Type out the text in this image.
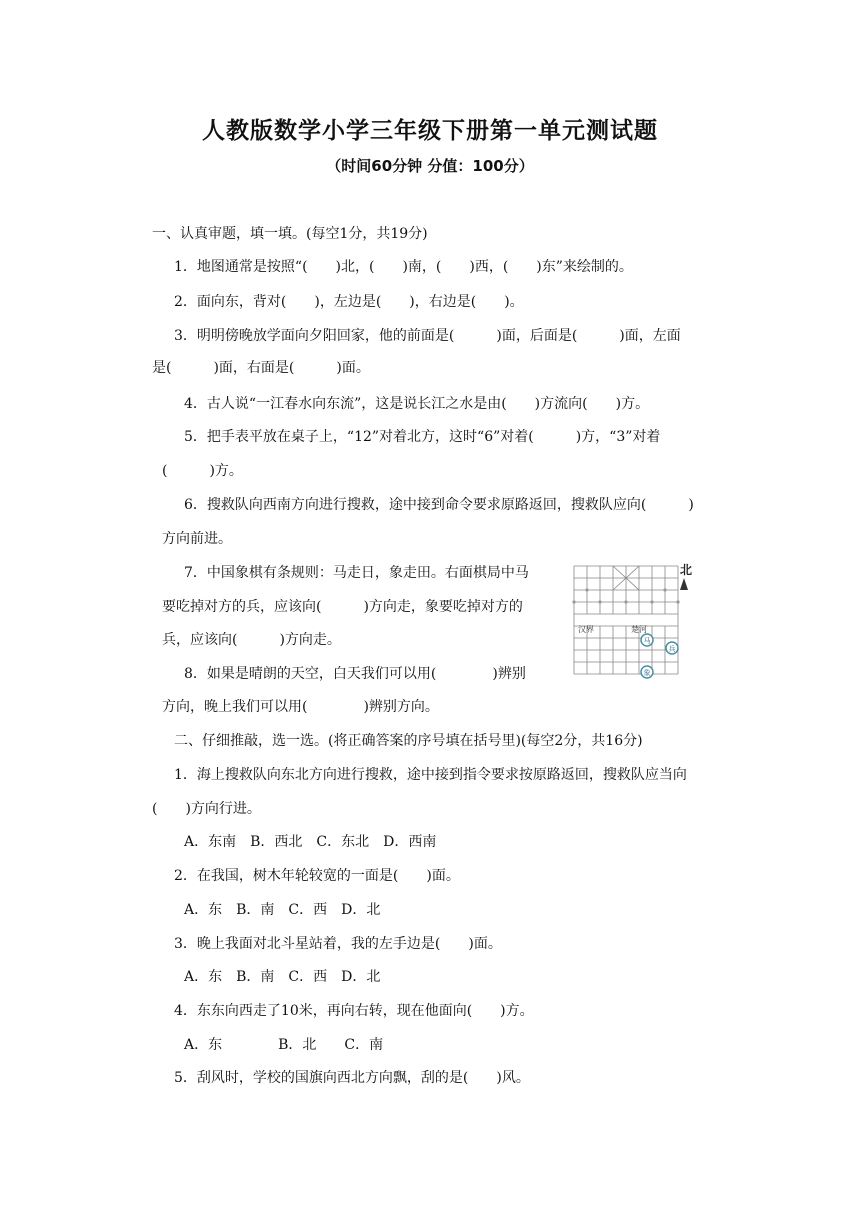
人教版数学小学三年级下册第一单元测试题
（时间60分钟 分值：100分）
一、认真审题，填一填。(每空1分，共19分)
1．地图通常是按照“(　　)北，(　　)南，(　　)西，(　　)东”来绘制的。
2．面向东，背对(　　)，左边是(　　)，右边是(　　)。
3．明明傍晚放学面向夕阳回家，他的前面是(　　　)面，后面是(　　　)面，左面
是(　　　)面，右面是(　　　)面。
4．古人说“一江春水向东流”，这是说长江之水是由(　　)方流向(　　)方。
5．把手表平放在桌子上，“12”对着北方，这时“6”对着(　　　)方，“3”对着
(　　　)方。
6．搜救队向西南方向进行搜救，途中接到命令要求原路返回，搜救队应向(　　　)
方向前进。
7．中国象棋有条规则：马走日，象走田。右面棋局中马
要吃掉对方的兵，应该向(　　　)方向走，象要吃掉对方的
兵，应该向(　　　)方向走。
8．如果是晴朗的天空，白天我们可以用(　　　　)辨别
方向，晚上我们可以用(　　　　)辨别方向。
楚河
汉界
北
马
兵
象
二、仔细推敲，选一选。(将正确答案的序号填在括号里)(每空2分，共16分)
1．海上搜救队向东北方向进行搜救，途中接到指令要求按原路返回，搜救队应当向
(　　)方向行进。
A．东南　B．西北　C．东北　D．西南
2．在我国，树木年轮较宽的一面是(　　)面。
A．东　B．南　C．西　D．北
3．晚上我面对北斗星站着，我的左手边是(　　)面。
A．东　B．南　C．西　D．北
4．东东向西走了10米，再向右转，现在他面向(　　)方。
A．东　　　　B．北　　C．南
5．刮风时，学校的国旗向西北方向飘，刮的是(　　)风。
